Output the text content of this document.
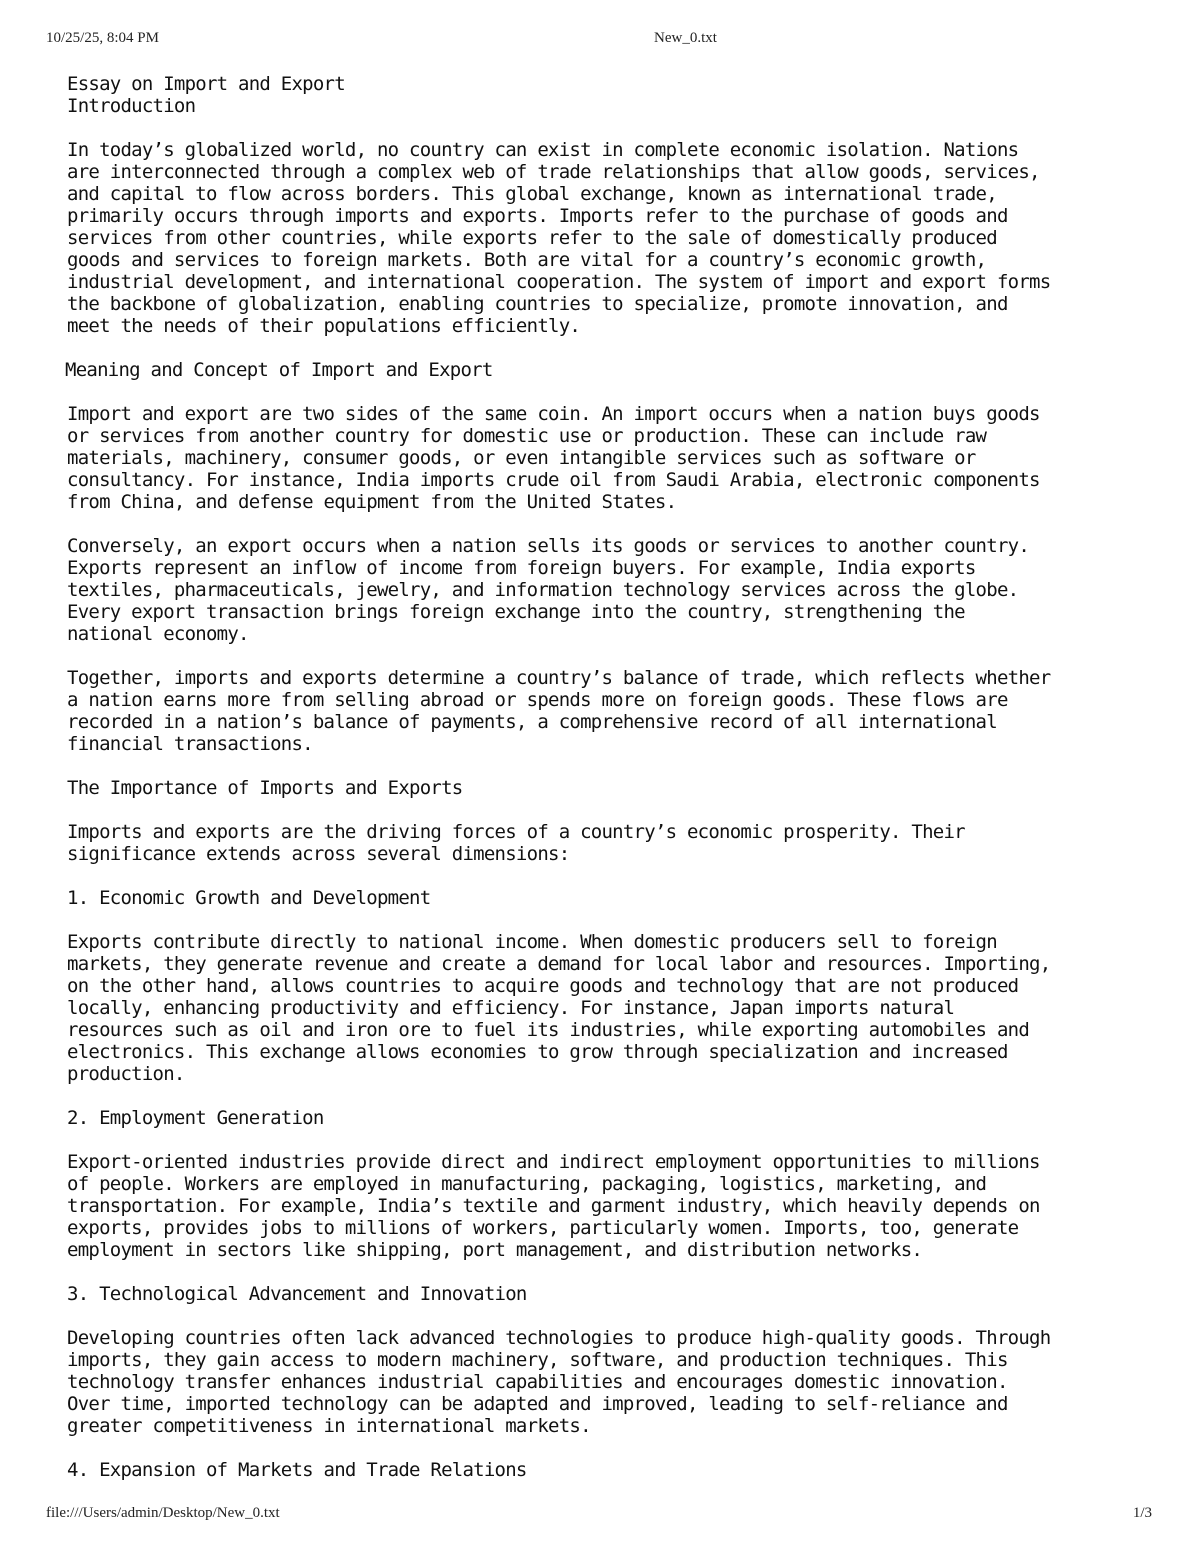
10/25/25, 8:04 PM	New_0.txt
Essay on Import and Export
Introduction
In today’s globalized world, no country can exist in complete economic isolation. Nations
are interconnected through a complex web of trade relationships that allow goods, services,
and capital to flow across borders. This global exchange, known as international trade,
primarily occurs through imports and exports. Imports refer to the purchase of goods and
services from other countries, while exports refer to the sale of domestically produced
goods and services to foreign markets. Both are vital for a country’s economic growth,
industrial development, and international cooperation. The system of import and export forms
the backbone of globalization, enabling countries to specialize, promote innovation, and
meet the needs of their populations efficiently.
Meaning and Concept of Import and Export
Import and export are two sides of the same coin. An import occurs when a nation buys goods
or services from another country for domestic use or production. These can include raw
materials, machinery, consumer goods, or even intangible services such as software or
consultancy. For instance, India imports crude oil from Saudi Arabia, electronic components
from China, and defense equipment from the United States.
Conversely, an export occurs when a nation sells its goods or services to another country.
Exports represent an inflow of income from foreign buyers. For example, India exports
textiles, pharmaceuticals, jewelry, and information technology services across the globe.
Every export transaction brings foreign exchange into the country, strengthening the
national economy.
Together, imports and exports determine a country’s balance of trade, which reflects whether
a nation earns more from selling abroad or spends more on foreign goods. These flows are
recorded in a nation’s balance of payments, a comprehensive record of all international
financial transactions.
The Importance of Imports and Exports
Imports and exports are the driving forces of a country’s economic prosperity. Their
significance extends across several dimensions:
1. Economic Growth and Development
Exports contribute directly to national income. When domestic producers sell to foreign
markets, they generate revenue and create a demand for local labor and resources. Importing,
on the other hand, allows countries to acquire goods and technology that are not produced
locally, enhancing productivity and efficiency. For instance, Japan imports natural
resources such as oil and iron ore to fuel its industries, while exporting automobiles and
electronics. This exchange allows economies to grow through specialization and increased
production.
2. Employment Generation
Export-oriented industries provide direct and indirect employment opportunities to millions
of people. Workers are employed in manufacturing, packaging, logistics, marketing, and
transportation. For example, India’s textile and garment industry, which heavily depends on
exports, provides jobs to millions of workers, particularly women. Imports, too, generate
employment in sectors like shipping, port management, and distribution networks.
3. Technological Advancement and Innovation
Developing countries often lack advanced technologies to produce high-quality goods. Through
imports, they gain access to modern machinery, software, and production techniques. This
technology transfer enhances industrial capabilities and encourages domestic innovation.
Over time, imported technology can be adapted and improved, leading to self-reliance and
greater competitiveness in international markets.
4. Expansion of Markets and Trade Relations
file:///Users/admin/Desktop/New_0.txt	1/3
